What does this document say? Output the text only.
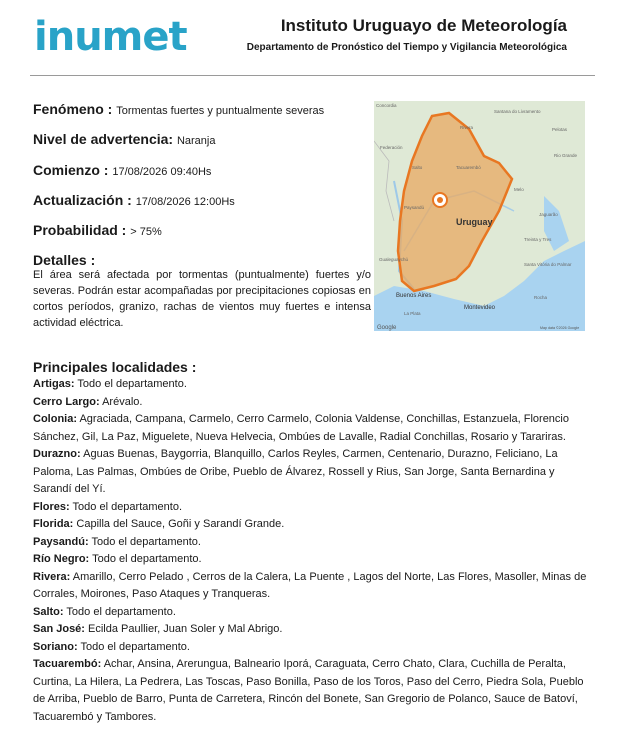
inumet	Instituto Uruguayo de Meteorología
Departamento de Pronóstico del Tiempo y Vigilancia Meteorológica
Fenómeno : Tormentas fuertes y puntualmente severas
Nivel de advertencia: Naranja
Comienzo : 17/08/2026 09:40Hs
Actualización : 17/08/2026 12:00Hs
Probabilidad : > 75%
Detalles :
El área será afectada por tormentas (puntualmente) fuertes y/o severas. Podrán estar acompañadas por precipitaciones copiosas en cortos períodos, granizo, rachas de vientos muy fuertes e intensa actividad eléctrica.
Uruguay
Buenos Aires
Montevideo
Google	Map data ©2026 Google
Concordia
Federación
Salto
Paysandú
Tacuarembó
Rivera
Melo
Treinta y Tres
Santana do Livramento
Pelotas
Rio Grande
Jaguarão
Santa Vitória do Palmar
Gualeguaychú
La Plata
Rocha
Principales localidades :

Artigas: Todo el departamento.

Cerro Largo: Arévalo.

Colonia: Agraciada, Campana, Carmelo, Cerro Carmelo, Colonia Valdense, Conchillas, Estanzuela, Florencio Sánchez, Gil, La Paz, Miguelete, Nueva Helvecia, Ombúes de Lavalle, Radial Conchillas, Rosario y Tarariras.

Durazno: Aguas Buenas, Baygorria, Blanquillo, Carlos Reyles, Carmen, Centenario, Durazno, Feliciano, La Paloma, Las Palmas, Ombúes de Oribe, Pueblo de Álvarez, Rossell y Rius, San Jorge, Santa Bernardina y Sarandí del Yí.

Flores: Todo el departamento.

Florida: Capilla del Sauce, Goñi y Sarandí Grande.

Paysandú: Todo el departamento.

Río Negro: Todo el departamento.

Rivera: Amarillo, Cerro Pelado , Cerros de la Calera, La Puente , Lagos del Norte, Las Flores, Masoller, Minas de Corrales, Moirones, Paso Ataques y Tranqueras.

Salto: Todo el departamento.

San José: Ecilda Paullier, Juan Soler y Mal Abrigo.

Soriano: Todo el departamento.

Tacuarembó: Achar, Ansina, Arerungua, Balneario Iporá, Caraguata, Cerro Chato, Clara, Cuchilla de Peralta, Curtina, La Hilera, La Pedrera, Las Toscas, Paso Bonilla, Paso de los Toros, Paso del Cerro, Piedra Sola, Pueblo de Arriba, Pueblo de Barro, Punta de Carretera, Rincón del Bonete, San Gregorio de Polanco, Sauce de Batoví, Tacuarembó y Tambores.
